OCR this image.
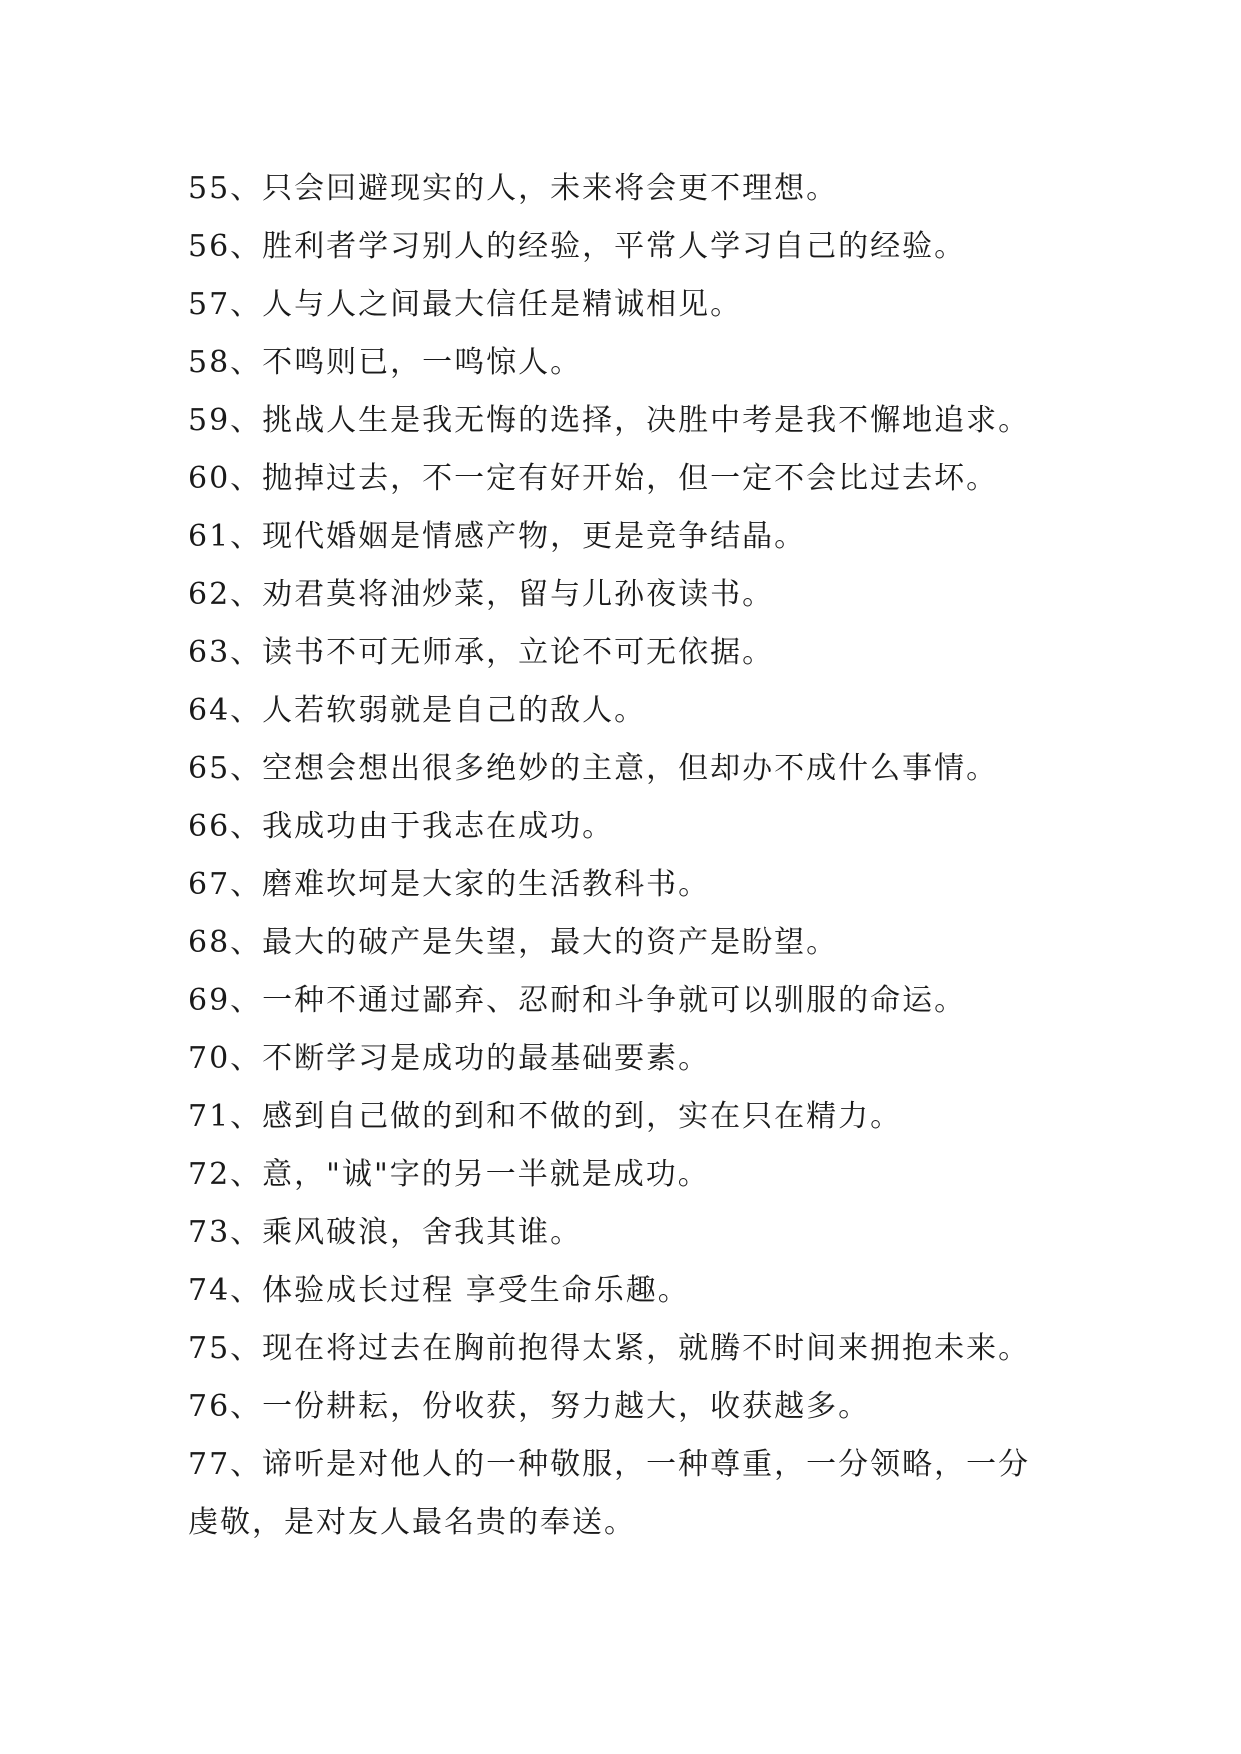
55、只会回避现实的人，未来将会更不理想。
56、胜利者学习别人的经验，平常人学习自己的经验。
57、人与人之间最大信任是精诚相见。
58、不鸣则已，一鸣惊人。
59、挑战人生是我无悔的选择，决胜中考是我不懈地追求。
60、抛掉过去，不一定有好开始，但一定不会比过去坏。
61、现代婚姻是情感产物，更是竞争结晶。
62、劝君莫将油炒菜，留与儿孙夜读书。
63、读书不可无师承，立论不可无依据。
64、人若软弱就是自己的敌人。
65、空想会想出很多绝妙的主意，但却办不成什么事情。
66、我成功由于我志在成功。
67、磨难坎坷是大家的生活教科书。
68、最大的破产是失望，最大的资产是盼望。
69、一种不通过鄙弃、忍耐和斗争就可以驯服的命运。
70、不断学习是成功的最基础要素。
71、感到自己做的到和不做的到，实在只在精力。
72、意，"诚"字的另一半就是成功。
73、乘风破浪，舍我其谁。
74、体验成长过程 享受生命乐趣。
75、现在将过去在胸前抱得太紧，就腾不时间来拥抱未来。
76、一份耕耘，份收获，努力越大，收获越多。
77、谛听是对他人的一种敬服，一种尊重，一分领略，一分
虔敬，是对友人最名贵的奉送。
